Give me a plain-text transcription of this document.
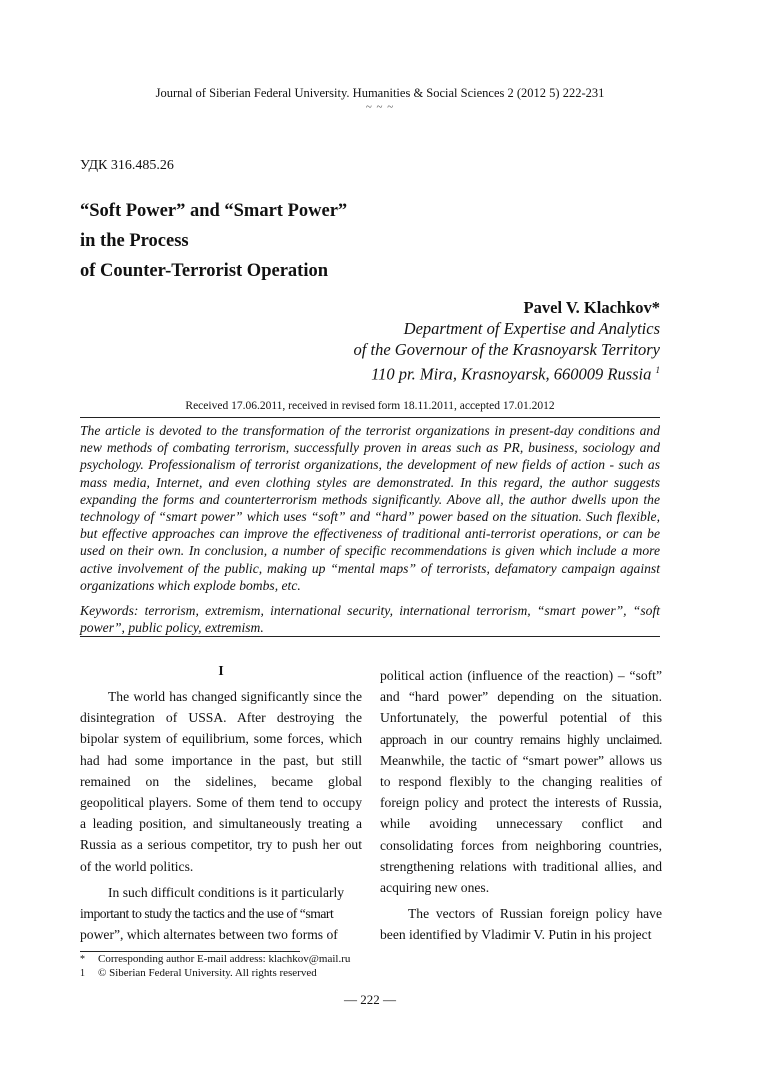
Journal of Siberian Federal University. Humanities & Social Sciences 2 (2012 5) 222-231
~ ~ ~
УДК 316.485.26
“Soft Power” and “Smart Power”
in the Process
of Counter-Terrorist Operation
Pavel V. Klachkov*
Department of Expertise and Analytics
of the Governour of the Krasnoyarsk Territory
110 pr. Mira, Krasnoyarsk, 660009 Russia $^1$
Received 17.06.2011, received in revised form 18.11.2011, accepted 17.01.2012

The article is devoted to the transformation of the terrorist organizations in present-day conditions and new methods of combating terrorism, successfully proven in areas such as PR, business, sociology and psychology. Professionalism of terrorist organizations, the development of new fields of action - such as mass media, Internet, and even clothing styles are demonstrated. In this regard, the author suggests expanding the forms and counterterrorism methods significantly. Above all, the author dwells upon the technology of “smart power” which uses “soft” and “hard” power based on the situation. Such flexible, but effective approaches can improve the effectiveness of traditional anti-terrorist operations, or can be used on their own. In conclusion, a number of specific recommendations is given which include a more active involvement of the public, making up “mental maps” of terrorists, defamatory campaign against organizations which explode bombs, etc.

Keywords: terrorism, extremism, international security, international terrorism, “smart power”, “soft power”, public policy, extremism.

I

The world has changed significantly since the disintegration of USSA. After destroying the bipolar system of equilibrium, some forces, which had had some importance in the past, but still remained on the sidelines, became global geopolitical players. Some of them tend to occupy a leading position, and simultaneously treating a Russia as a serious competitor, try to push her out of the world politics.

In such difficult conditions is it particularly
important to study the tactics and the use of “smart
power”, which alternates between two forms of

political action (influence of the reaction) – “soft” and “hard power” depending on the situation. Unfortunately, the powerful potential of this approach in our country remains highly unclaimed. Meanwhile, the tactic of “smart power” allows us to respond flexibly to the changing realities of foreign policy and protect the interests of Russia, while avoiding unnecessary conflict and consolidating forces from neighboring countries, strengthening relations with traditional allies, and acquiring new ones.

The vectors of Russian foreign policy have been identified by Vladimir V. Putin in his project

* Corresponding author E-mail address: klachkov@mail.ru
1 © Siberian Federal University. All rights reserved
— 222 —
